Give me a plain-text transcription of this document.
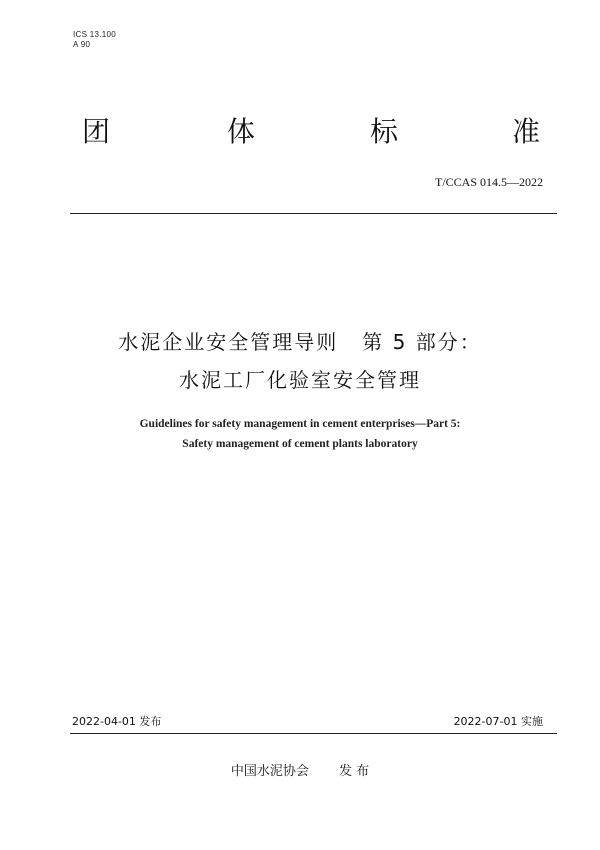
ICS 13.100
A 90
团	体	标	准
T/CCAS 014.5—2022
水泥企业安全管理导则 第 5 部分：
水泥工厂化验室安全管理
Guidelines for safety management in cement enterprises—Part 5:
Safety management of cement plants laboratory
2022-04-01 发布	2022-07-01 实施
中国水泥协会 发 布
